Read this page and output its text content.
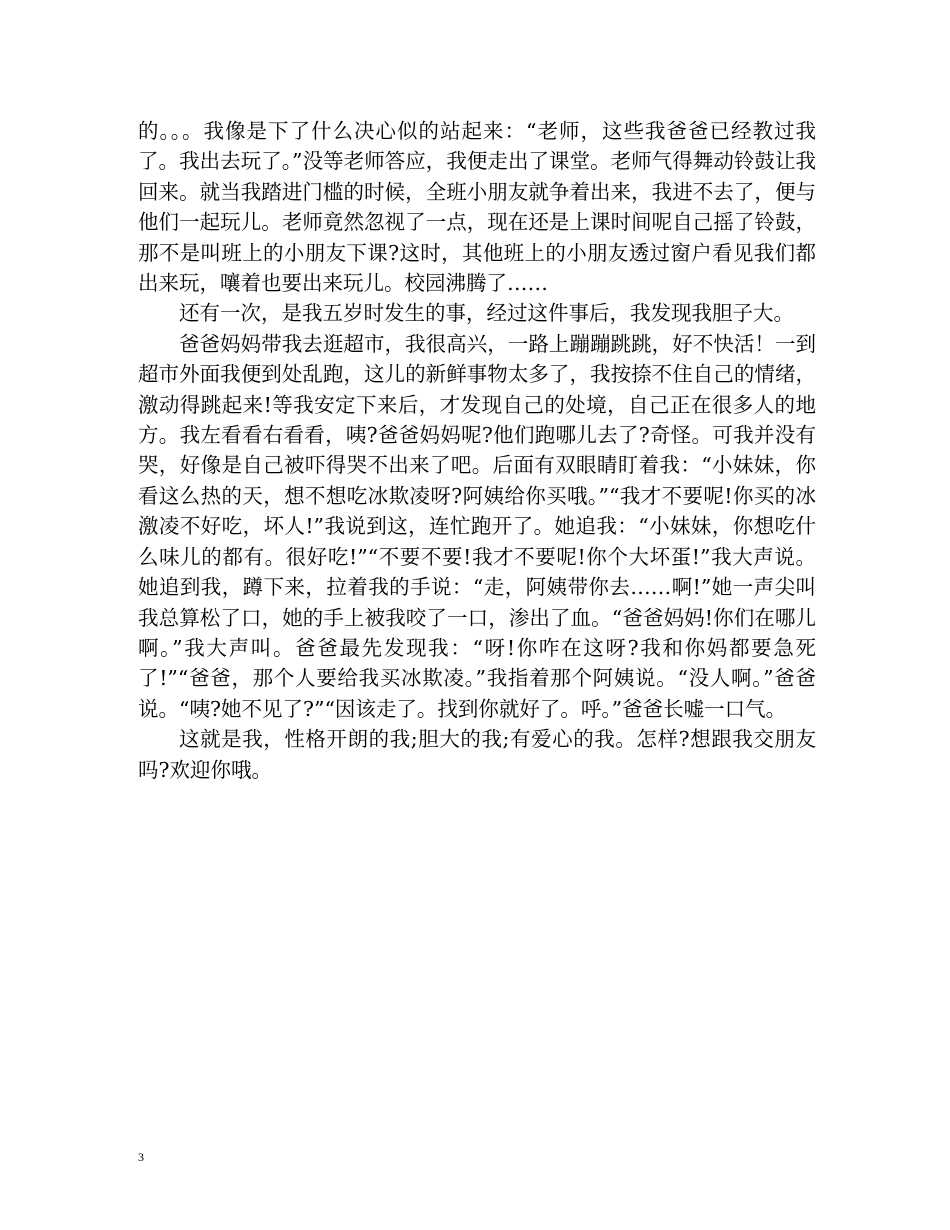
的。。。我像是下了什么决心似的站起来：“老师，这些我爸爸已经教过我了。我出去玩了。”没等老师答应，我便走出了课堂。老师气得舞动铃鼓让我回来。就当我踏进门槛的时候，全班小朋友就争着出来，我进不去了，便与他们一起玩儿。老师竟然忽视了一点，现在还是上课时间呢自己摇了铃鼓，那不是叫班上的小朋友下课?这时，其他班上的小朋友透过窗户看见我们都出来玩，嚷着也要出来玩儿。校园沸腾了……

还有一次，是我五岁时发生的事，经过这件事后，我发现我胆子大。

爸爸妈妈带我去逛超市，我很高兴，一路上蹦蹦跳跳，好不快活！一到超市外面我便到处乱跑，这儿的新鲜事物太多了，我按捺不住自己的情绪，激动得跳起来!等我安定下来后，才发现自己的处境，自己正在很多人的地方。我左看看右看看，咦?爸爸妈妈呢?他们跑哪儿去了?奇怪。可我并没有哭，好像是自己被吓得哭不出来了吧。后面有双眼睛盯着我：“小妹妹，你看这么热的天，想不想吃冰欺凌呀?阿姨给你买哦。”“我才不要呢!你买的冰激凌不好吃，坏人!”我说到这，连忙跑开了。她追我：“小妹妹，你想吃什么味儿的都有。很好吃!”“不要不要!我才不要呢!你个大坏蛋!”我大声说。她追到我，蹲下来，拉着我的手说：“走，阿姨带你去……啊!”她一声尖叫我总算松了口，她的手上被我咬了一口，渗出了血。“爸爸妈妈!你们在哪儿啊。”我大声叫。爸爸最先发现我：“呀!你咋在这呀?我和你妈都要急死了!”“爸爸，那个人要给我买冰欺凌。”我指着那个阿姨说。“没人啊。”爸爸说。“咦?她不见了?”“因该走了。找到你就好了。呼。”爸爸长嘘一口气。

这就是我，性格开朗的我;胆大的我;有爱心的我。怎样?想跟我交朋友吗?欢迎你哦。

3
